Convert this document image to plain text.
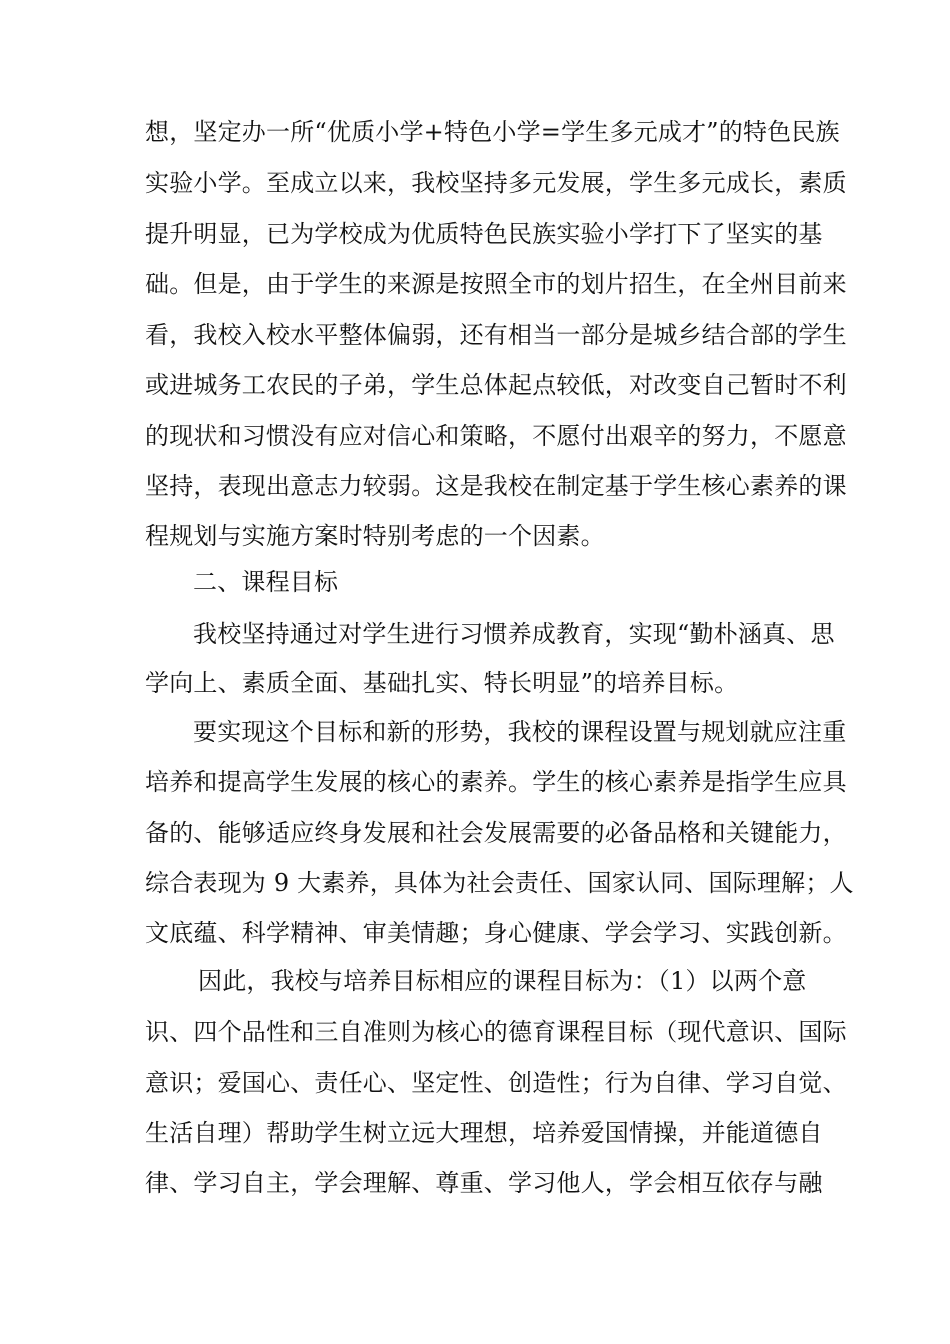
想，坚定办一所“优质小学+特色小学=学生多元成才”的特色民族
实验小学。至成立以来，我校坚持多元发展，学生多元成长，素质
提升明显，已为学校成为优质特色民族实验小学打下了坚实的基
础。但是，由于学生的来源是按照全市的划片招生，在全州目前来
看，我校入校水平整体偏弱，还有相当一部分是城乡结合部的学生
或进城务工农民的子弟，学生总体起点较低，对改变自己暂时不利
的现状和习惯没有应对信心和策略，不愿付出艰辛的努力，不愿意
坚持，表现出意志力较弱。这是我校在制定基于学生核心素养的课
程规划与实施方案时特别考虑的一个因素。
二、课程目标
我校坚持通过对学生进行习惯养成教育，实现“勤朴涵真、思
学向上、素质全面、基础扎实、特长明显”的培养目标。
要实现这个目标和新的形势，我校的课程设置与规划就应注重
培养和提高学生发展的核心的素养。学生的核心素养是指学生应具
备的、能够适应终身发展和社会发展需要的必备品格和关键能力，
综合表现为 9 大素养，具体为社会责任、国家认同、国际理解；人
文底蕴、科学精神、审美情趣；身心健康、学会学习、实践创新。
因此，我校与培养目标相应的课程目标为：（1）以两个意
识、四个品性和三自准则为核心的德育课程目标（现代意识、国际
意识；爱国心、责任心、坚定性、创造性；行为自律、学习自觉、
生活自理）帮助学生树立远大理想，培养爱国情操，并能道德自
律、学习自主，学会理解、尊重、学习他人，学会相互依存与融
